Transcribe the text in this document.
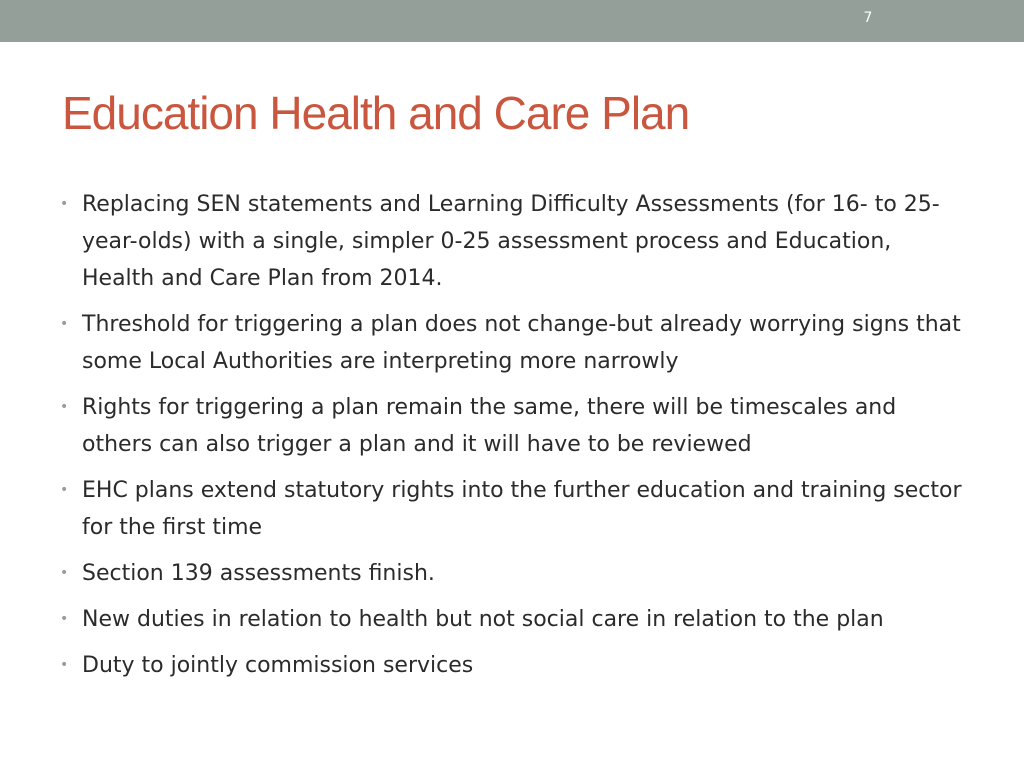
7
Education Health and Care Plan
• Replacing SEN statements and Learning Difficulty Assessments (for 16- to 25-year-olds) with a single, simpler 0-25 assessment process and Education, Health and Care Plan from 2014.
• Threshold for triggering a plan does not change-but already worrying signs that some Local Authorities are interpreting more narrowly
• Rights for triggering a plan remain the same, there will be timescales and others can also trigger a plan and it will have to be reviewed
• EHC plans extend statutory rights into the further education and training sector for the first time
• Section 139 assessments finish.
• New duties in relation to health but not social care in relation to the plan
• Duty to jointly commission services
